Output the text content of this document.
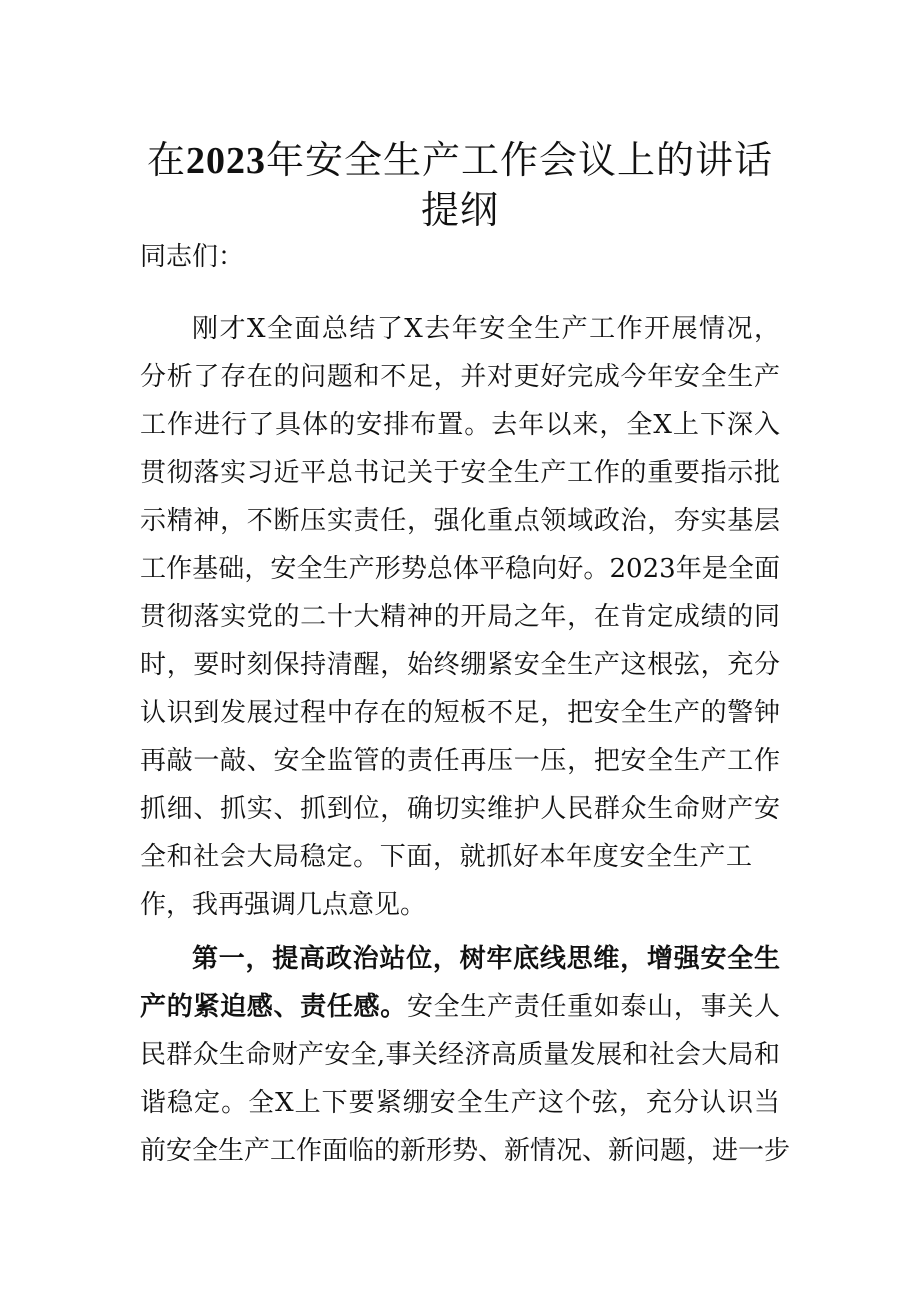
在2023年安全生产工作会议上的讲话
提纲
同志们：
刚才X全面总结了X去年安全生产工作开展情况，
分析了存在的问题和不足，并对更好完成今年安全生产
工作进行了具体的安排布置。去年以来，全X上下深入
贯彻落实习近平总书记关于安全生产工作的重要指示批
示精神，不断压实责任，强化重点领域政治，夯实基层
工作基础，安全生产形势总体平稳向好。2023年是全面
贯彻落实党的二十大精神的开局之年，在肯定成绩的同
时，要时刻保持清醒，始终绷紧安全生产这根弦，充分
认识到发展过程中存在的短板不足，把安全生产的警钟
再敲一敲、安全监管的责任再压一压，把安全生产工作
抓细、抓实、抓到位，确切实维护人民群众生命财产安
全和社会大局稳定。下面，就抓好本年度安全生产工
作，我再强调几点意见。
第一，提高政治站位，树牢底线思维，增强安全生
产的紧迫感、责任感。安全生产责任重如泰山，事关人
民群众生命财产安全,事关经济高质量发展和社会大局和
谐稳定。全X上下要紧绷安全生产这个弦，充分认识当
前安全生产工作面临的新形势、新情况、新问题，进一步
